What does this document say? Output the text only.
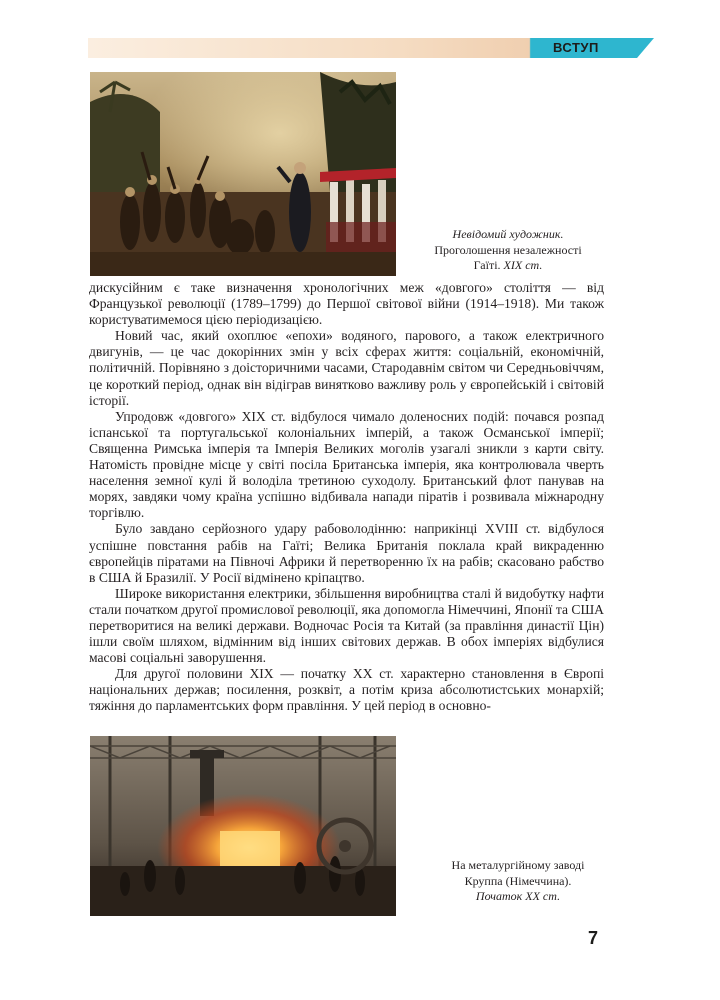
ВСТУП
Невідомий художник.
Проголошення незалежності
Гаїті. XIX ст.

дискусійним є таке визначення хронологічних меж «довгого» століття — від Французької революції (1789–1799) до Першої світової війни (1914–1918). Ми також користуватимемося цією періодизацією.

Новий час, який охоплює «епохи» водяного, парового, а також електричного двигунів, — це час докорінних змін у всіх сферах життя: соціальній, економічній, політичній. Порівняно з доісторичними часами, Стародавнім світом чи Середньовіччям, це короткий період, однак він відіграв винятково важливу роль у європейській і світовій історії.

Упродовж «довгого» XIX ст. відбулося чимало доленосних подій: почався розпад іспанської та португальської колоніальних імперій, а також Османської імперії; Священна Римська імперія та Імперія Великих моголів узагалі зникли з карти світу. Натомість провідне місце у світі посіла Британська імперія, яка контролювала чверть населення земної кулі й володіла третиною суходолу. Британський флот панував на морях, завдяки чому країна успішно відбивала напади піратів і розвивала міжнародну торгівлю.

Було завдано серйозного удару рабоволодінню: наприкінці XVIII ст. відбулося успішне повстання рабів на Гаїті; Велика Британія поклала край викраденню європейців піратами на Півночі Африки й перетворенню їх на рабів; скасовано рабство в США й Бразилії. У Росії відмінено кріпацтво.

Широке використання електрики, збільшення виробництва сталі й видобутку нафти стали початком другої промислової революції, яка допомогла Німеччині, Японії та США перетворитися на великі держави. Водночас Росія та Китай (за правління династії Цін) ішли своїм шляхом, відмінним від інших світових держав. В обох імперіях відбулися масові соціальні заворушення.

Для другої половини XIX — початку XX ст. характерно становлення в Європі національних держав; посилення, розквіт, а потім криза абсолютистських монархій; тяжіння до парламентських форм правління. У цей період в основно-

На металургійному заводі
Круппа (Німеччина).
Початок XX ст.
7
